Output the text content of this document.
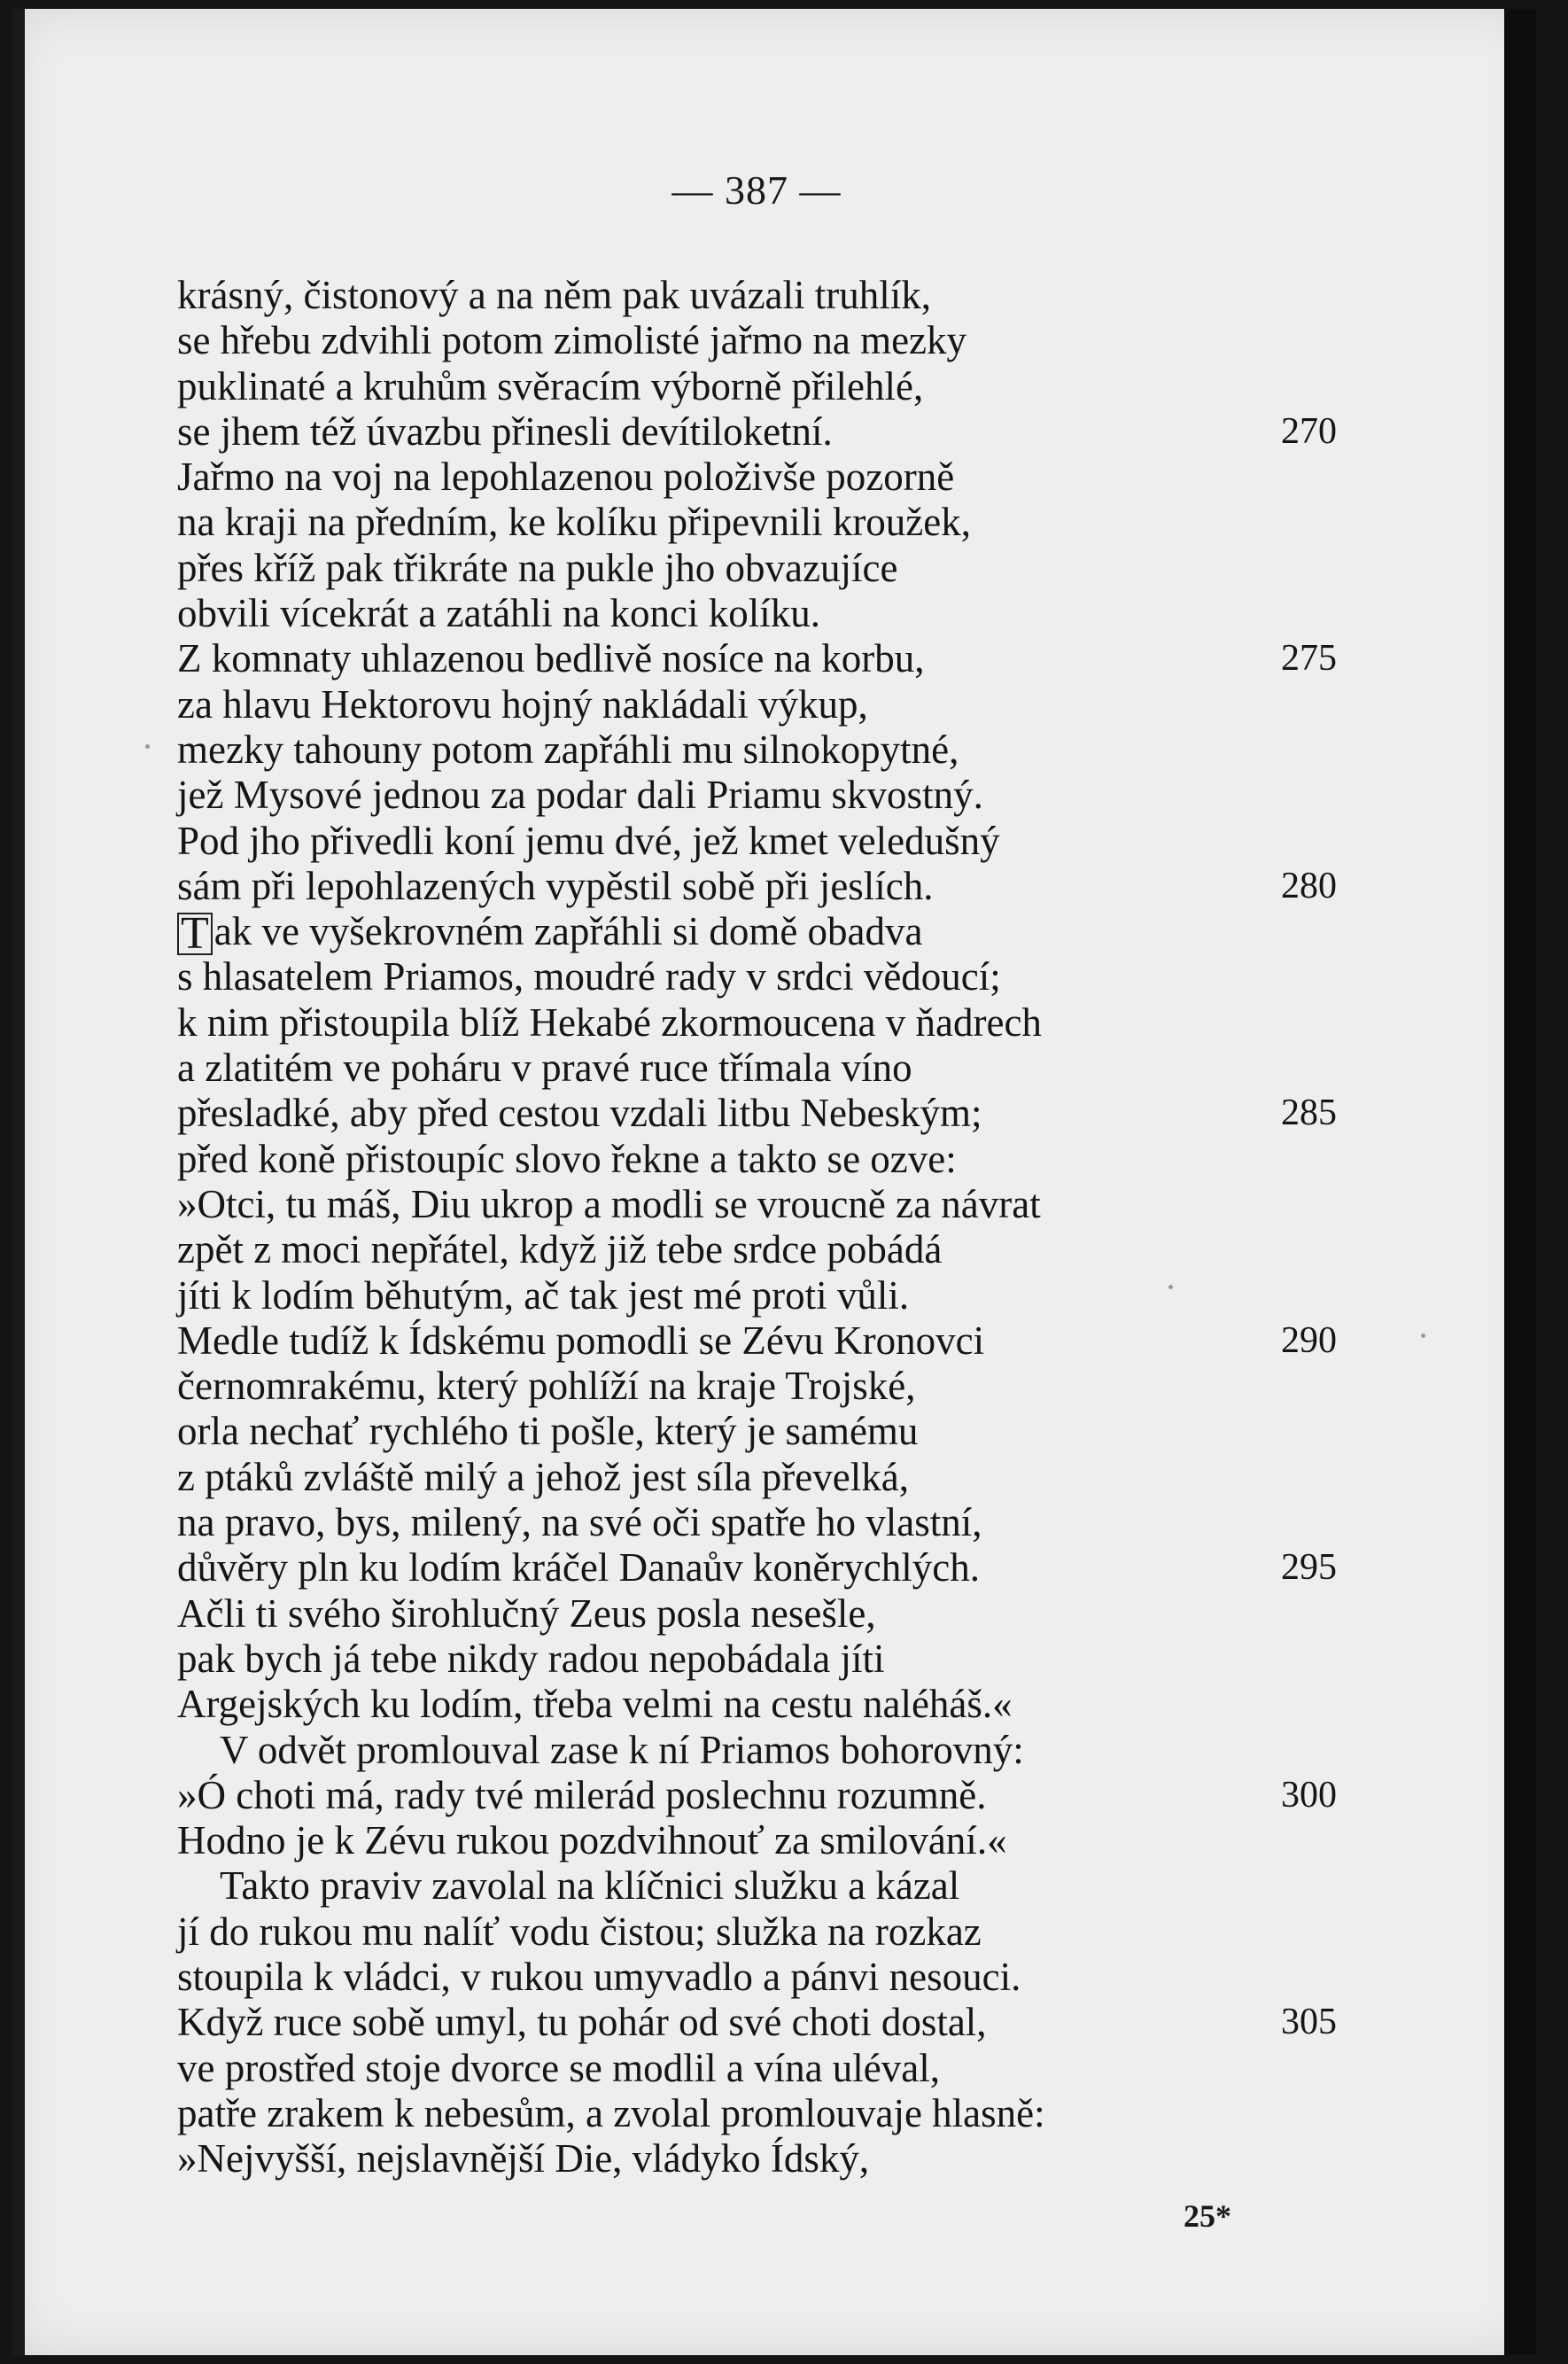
— 387 —
krásný, čistonový a na něm pak uvázali truhlík,
se hřebu zdvihli potom zimolisté jařmo na mezky
puklinaté a kruhům svěracím výborně přilehlé,
se jhem též úvazbu přinesli devítiloketní.	270
Jařmo na voj na lepohlazenou položivše pozorně
na kraji na předním, ke kolíku připevnili kroužek,
přes kříž pak třikráte na pukle jho obvazujíce
obvili vícekrát a zatáhli na konci kolíku.
Z komnaty uhlazenou bedlivě nosíce na korbu,	275
za hlavu Hektorovu hojný nakládali výkup,
mezky tahouny potom zapřáhli mu silnokopytné,
jež Mysové jednou za podar dali Priamu skvostný.
Pod jho přivedli koní jemu dvé, jež kmet veledušný
sám při lepohlazených vypěstil sobě při jeslích.	280
T ak ve vyšekrovném zapřáhli si domě obadva
s hlasatelem Priamos, moudré rady v srdci vědoucí;
k nim přistoupila blíž Hekabé zkormoucena v ňadrech
a zlatitém ve poháru v pravé ruce třímala víno
přesladké, aby před cestou vzdali litbu Nebeským;	285
před koně přistoupíc slovo řekne a takto se ozve:
»Otci, tu máš, Diu ukrop a modli se vroucně za návrat
zpět z moci nepřátel, když již tebe srdce pobádá
jíti k lodím běhutým, ač tak jest mé proti vůli.
Medle tudíž k Ídskému pomodli se Zévu Kronovci	290
černomrakému, který pohlíží na kraje Trojské,
orla nechať rychlého ti pošle, který je samému
z ptáků zvláště milý a jehož jest síla převelká,
na pravo, bys, milený, na své oči spatře ho vlastní,
důvěry pln ku lodím kráčel Danaův koněrychlých.	295
Ačli ti svého širohlučný Zeus posla nesešle,
pak bych já tebe nikdy radou nepobádala jíti
Argejských ku lodím, třeba velmi na cestu naléháš.«
V odvět promlouval zase k ní Priamos bohorovný:
»Ó choti má, rady tvé milerád poslechnu rozumně.	300
Hodno je k Zévu rukou pozdvihnouť za smilování.«
Takto praviv zavolal na klíčnici služku a kázal
jí do rukou mu nalíť vodu čistou; služka na rozkaz
stoupila k vládci, v rukou umyvadlo a pánvi nesouci.
Když ruce sobě umyl, tu pohár od své choti dostal,	305
ve prostřed stoje dvorce se modlil a vína uléval,
patře zrakem k nebesům, a zvolal promlouvaje hlasně:
»Nejvyšší, nejslavnější Die, vládyko Ídský,
25*
